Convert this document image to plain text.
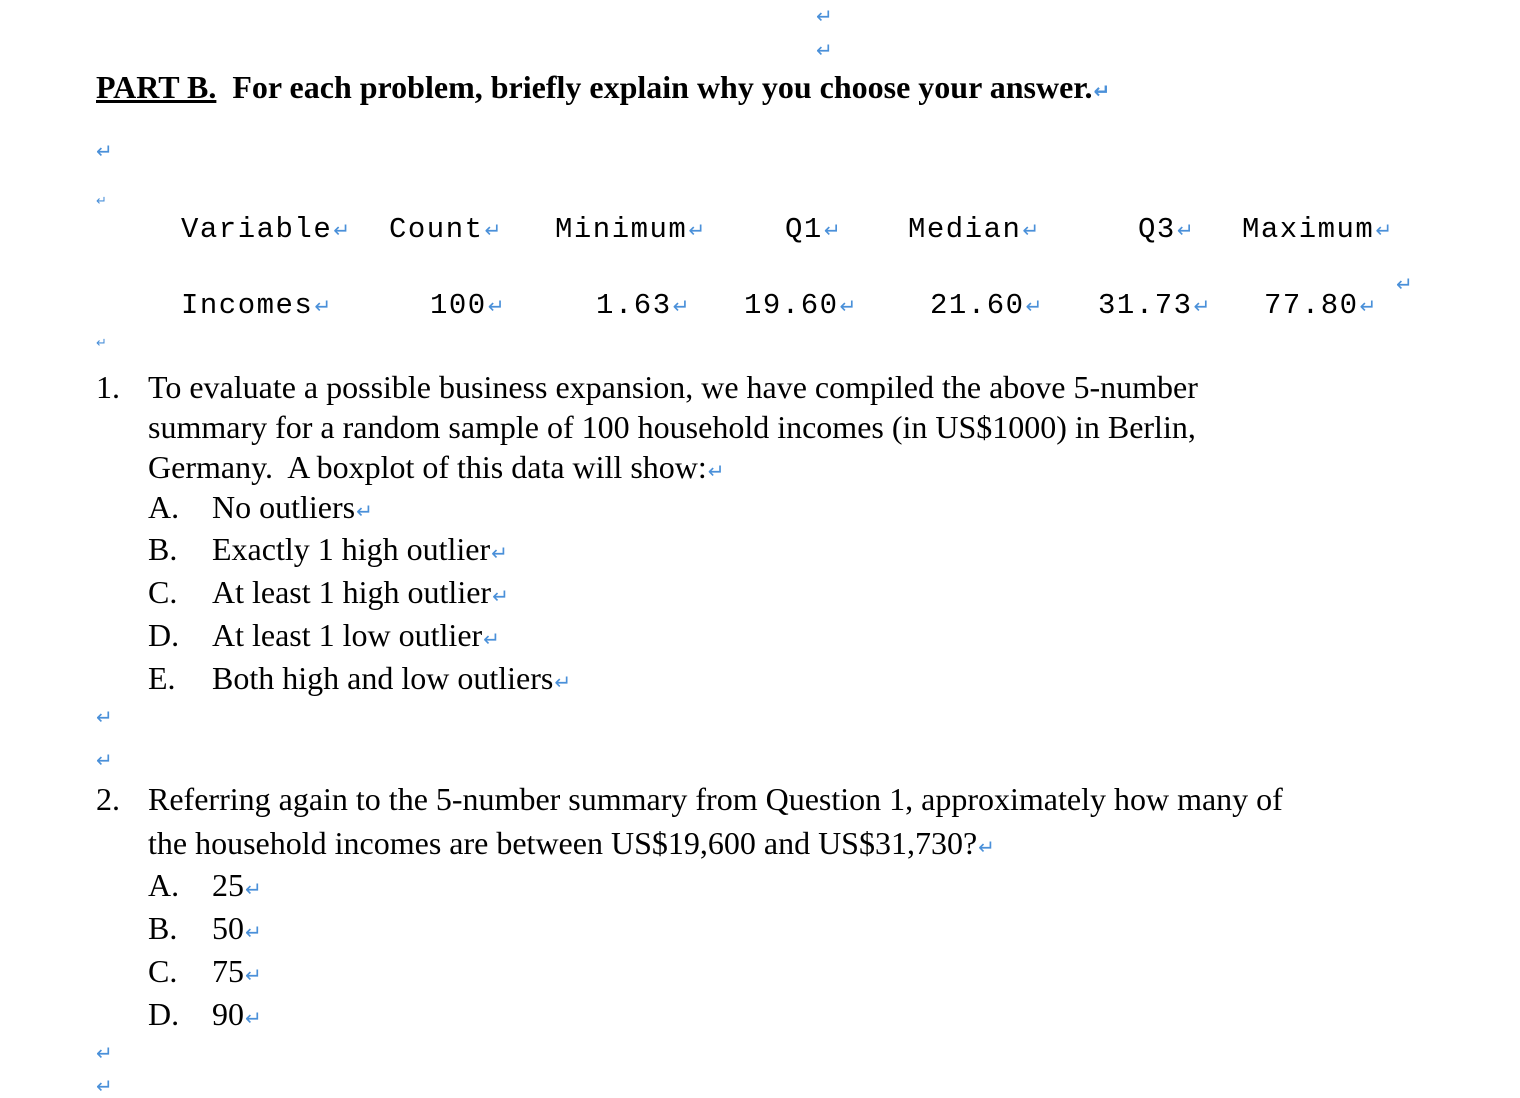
↵
↵
PART B. For each problem, briefly explain why you choose your answer.↵
↵
↵
Variable↵ Count↵ Minimum↵	Q1↵ Median↵	Q3↵ Maximum↵
↵
Incomes↵	100↵	1.63↵ 19.60↵ 21.60↵ 31.73↵ 77.80↵
↵
1. To evaluate a possible business expansion, we have compiled the above 5-number
summary for a random sample of 100 household incomes (in US$1000) in Berlin,
Germany.  A boxplot of this data will show:↵
A. No outliers↵
B. Exactly 1 high outlier↵
C. At least 1 high outlier↵
D. At least 1 low outlier↵
E. Both high and low outliers↵
↵
↵
2. Referring again to the 5-number summary from Question 1, approximately how many of
the household incomes are between US$19,600 and US$31,730?↵
A. 25↵
B. 50↵
C. 75↵
D. 90↵
↵
↵
